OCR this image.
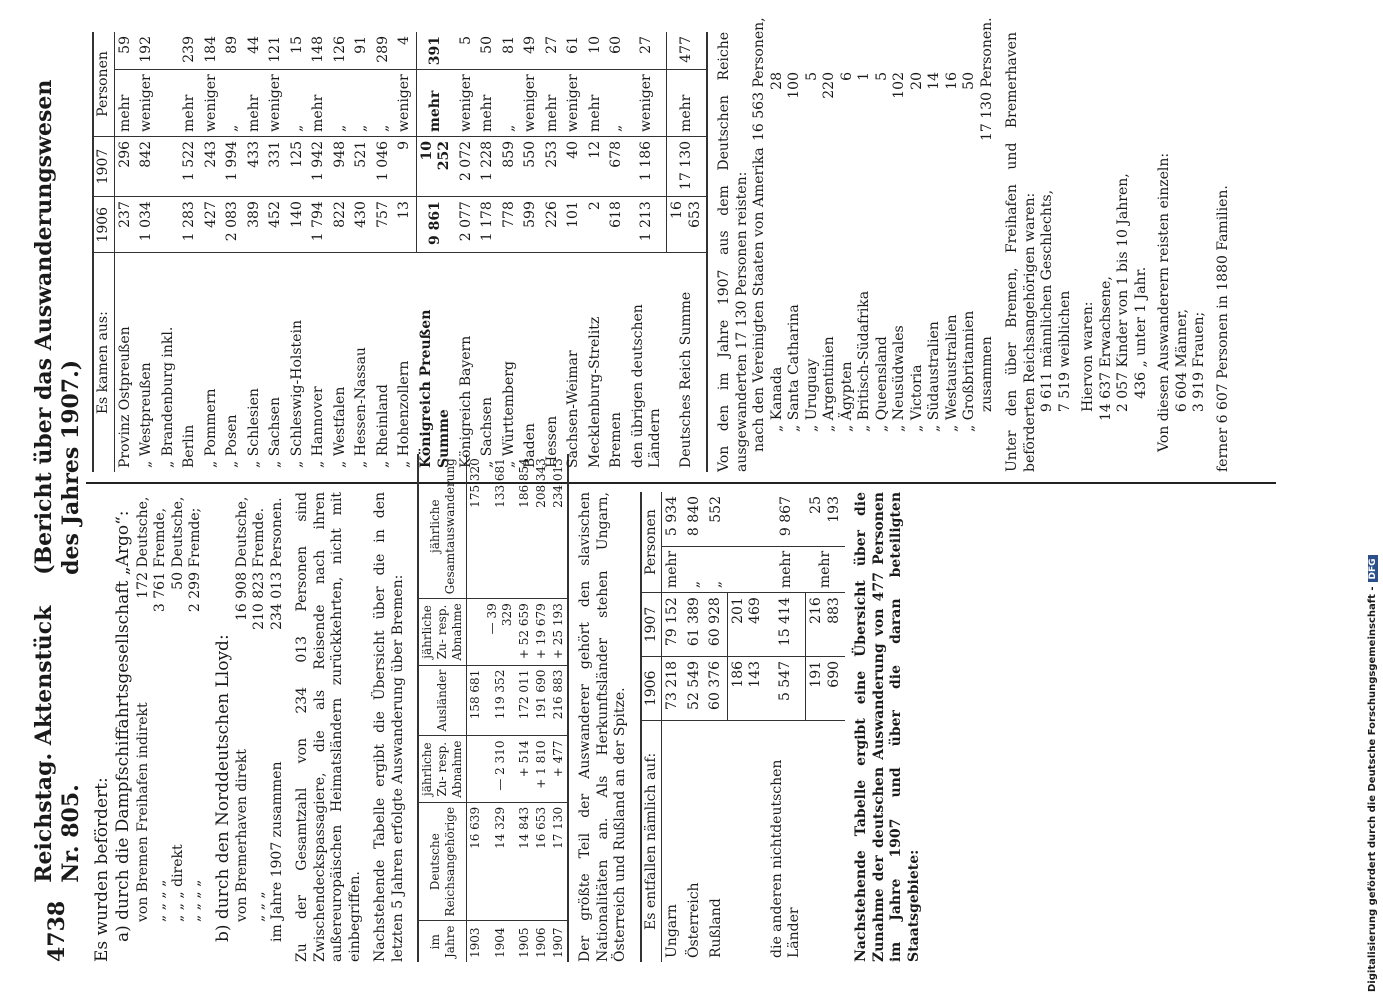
4738
Reichstag. Aktenstück Nr. 805.
(Bericht über das Auswanderungswesen des Jahres 1907.)
Es wurden befördert: a) durch die Dampfschiffahrtsgesellschaft „Argo“: von Bremen Freihafen indirekt172 Deutsche,
„ „ „ „3 761 Fremde,
„ „ „ direkt50 Deutsche,
„ „ „ „2 299 Fremde;
b) durch den Norddeutschen Lloyd: von Bremerhaven direkt16 908 Deutsche,
„ „ „210 823 Fremde.
im Jahre 1907 zusammen234 013 Personen. Zu der Gesamtzahl von 234 013 Personen sind Zwischendeckspassagiere, die als Reisende nach ihren außereuropäischen Heimatsländern zurückkehrten, nicht mit einbegriffen. Nachstehende Tabelle ergibt die Übersicht über die in den letzten 5 Jahren erfolgte Auswanderung über Bremen: im Jahre	Deutsche Reichsangehörige	jährliche Zu- resp. Abnahme	Ausländer	jährliche Zu- resp. Abnahme	jährliche Gesamtauswanderung
1903	16 639		158 681		175 320
1904	14 329	— 2 310	119 352	— 39 329	133 681
1905	14 843	+ 514	172 011	+ 52 659	186 854
1906	16 653	+ 1 810	191 690	+ 19 679	208 343
1907	17 130	+ 477	216 883	+ 25 193	234 013
Der größte Teil der Auswanderer gehört den slavischen Nationalitäten an. Als Herkunftsländer stehen Ungarn, Österreich und Rußland an der Spitze. Es entfallen nämlich auf:	1906	1907	Personen	
Ungarn	73 218	79 152	mehr	5 934
Österreich	52 549	61 389	„	8 840
Rußland	60 376	60 928	„	552
	186 143	201 469		
die anderen nichtdeutschen Länder	5 547	15 414	mehr	9 867
	191 690	216 883	mehr	25 193 Nachstehende Tabelle ergibt eine Übersicht über die Zunahme der deutschen Auswanderung von 477 Personen im Jahre 1907 und über die daran beteiligten Staatsgebiete:
Es kamen aus:	1906	1907	Personen	
Provinz Ostpreußen	237	296	mehr	59
„ Westpreußen	1 034	842	weniger	192
„ Brandenburg inkl.				
Berlin	1 283	1 522	mehr	239
„ Pommern	427	243	weniger	184
„ Posen	2 083	1 994	„	89
„ Schlesien	389	433	mehr	44
„ Sachsen	452	331	weniger	121
„ Schleswig-Holstein	140	125	„	15
„ Hannover	1 794	1 942	mehr	148
„ Westfalen	822	948	„	126
„ Hessen-Nassau	430	521	„	91
„ Rheinland	757	1 046	„	289
„ Hohenzollern	13	9	weniger	4
Königreich Preußen Summe	9 861	10 252	mehr	391
Königreich Bayern	2 077	2 072	weniger	5
„ Sachsen	1 178	1 228	mehr	50
„ Württemberg	778	859	„	81
Baden	599	550	weniger	49
Hessen	226	253	mehr	27
Sachsen-Weimar	101	40	weniger	61
Mecklenburg-Strelitz	2	12	mehr	10
Bremen	618	678	„	60
den übrigen deutschen Ländern	1 213	1 186	weniger	27
Deutsches Reich Summe	16 653	17 130	mehr	477 Von den im Jahre 1907 aus dem Deutschen Reiche ausgewanderten 17 130 Personen reisten: nach den Vereinigten Staaten von Amerika16 563 Personen,
„ Kanada28
„ Santa Catharina100
„ Uruguay5
„ Argentinien220
„ Ägypten6
„ Britisch-Südafrika1
„ Queensland5
„ Neusüdwales102
„ Victoria20
„ Südaustralien14
„ Westaustralien16
„ Großbritannien50
zusammen17 130 Personen. Unter den über Bremen, Freihafen und Bremerhaven beförderten Reichsangehörigen waren: 9 611 männlichen Geschlechts,
7 519 weiblichen Hiervon waren: 14 637 Erwachsene,
2 057 Kinder von 1 bis 10 Jahren,
436 „ unter 1 Jahr. Von diesen Auswanderern reisten einzeln: 6 604 Männer,
3 919 Frauen; ferner 6 607 Personen in 1880 Familien.
Digitalisierung gefördert durch die Deutsche Forschungsgemeinschaft -DFG
